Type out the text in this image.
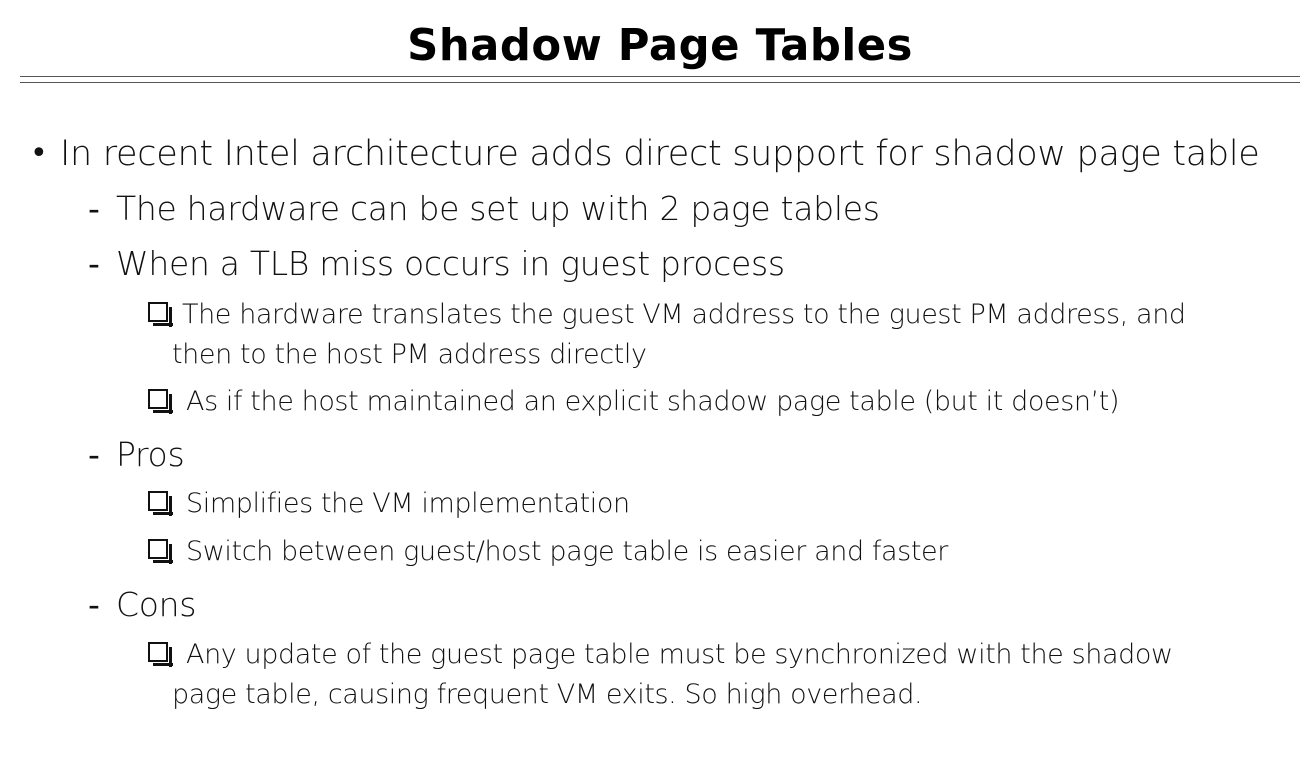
Shadow Page Tables
• In recent Intel architecture adds direct support for shadow page table
- The hardware can be set up with 2 page tables
- When a TLB miss occurs in guest process
The hardware translates the guest VM address to the guest PM address, and
then to the host PM address directly
As if the host maintained an explicit shadow page table (but it doesn’t)
- Pros
Simplifies the VM implementation
Switch between guest/host page table is easier and faster
- Cons
Any update of the guest page table must be synchronized with the shadow
page table, causing frequent VM exits. So high overhead.
